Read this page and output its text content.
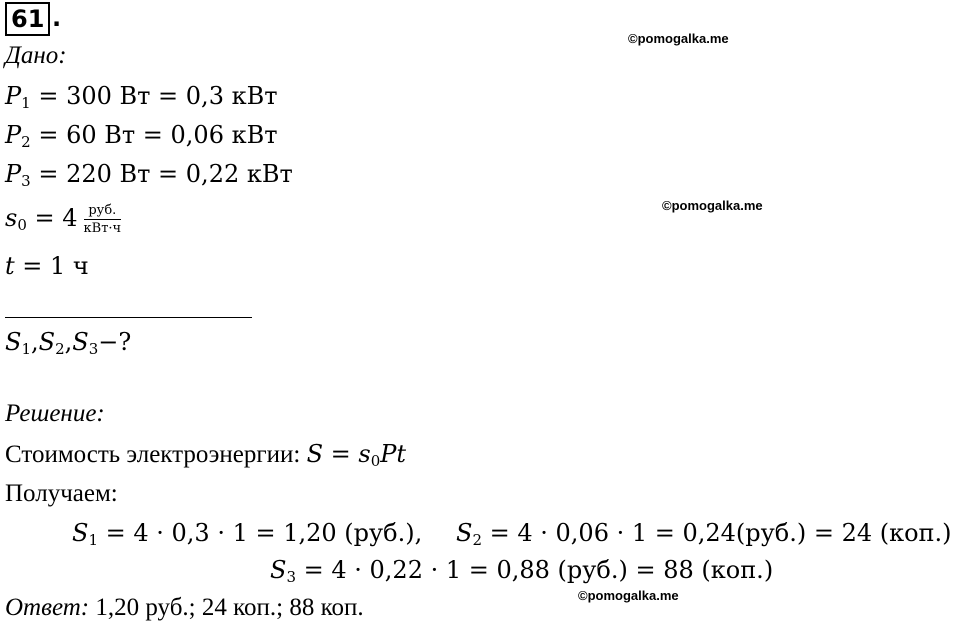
61 .
©pomogalka.me
©pomogalka.me
©pomogalka.me
Дано:
$P_1 = 300$ Вт = 0,3 кВт
$P_2 = 60$ Вт = 0,06 кВт
$P_3 = 220$ Вт = 0,22 кВт
$s_0 = 4 \frac{\text{руб.}}{\text{кВт·ч}}$
t = 1 ч
$S_1,S_2,S_3-$?
Решение:
Стоимость электроэнергии: $S = s_0Pt$
Получаем:
$S_1 = 4 \cdot 0,3 \cdot 1 = 1,20$ (руб.), $S_2 = 4 \cdot 0,06 \cdot 1 = 0,24(руб.) = 24$ (коп.)
$S_3 = 4 \cdot 0,22 \cdot 1 = 0,88$ (руб.) = 88 (коп.)
Ответ: 1,20 руб.; 24 коп.; 88 коп.
